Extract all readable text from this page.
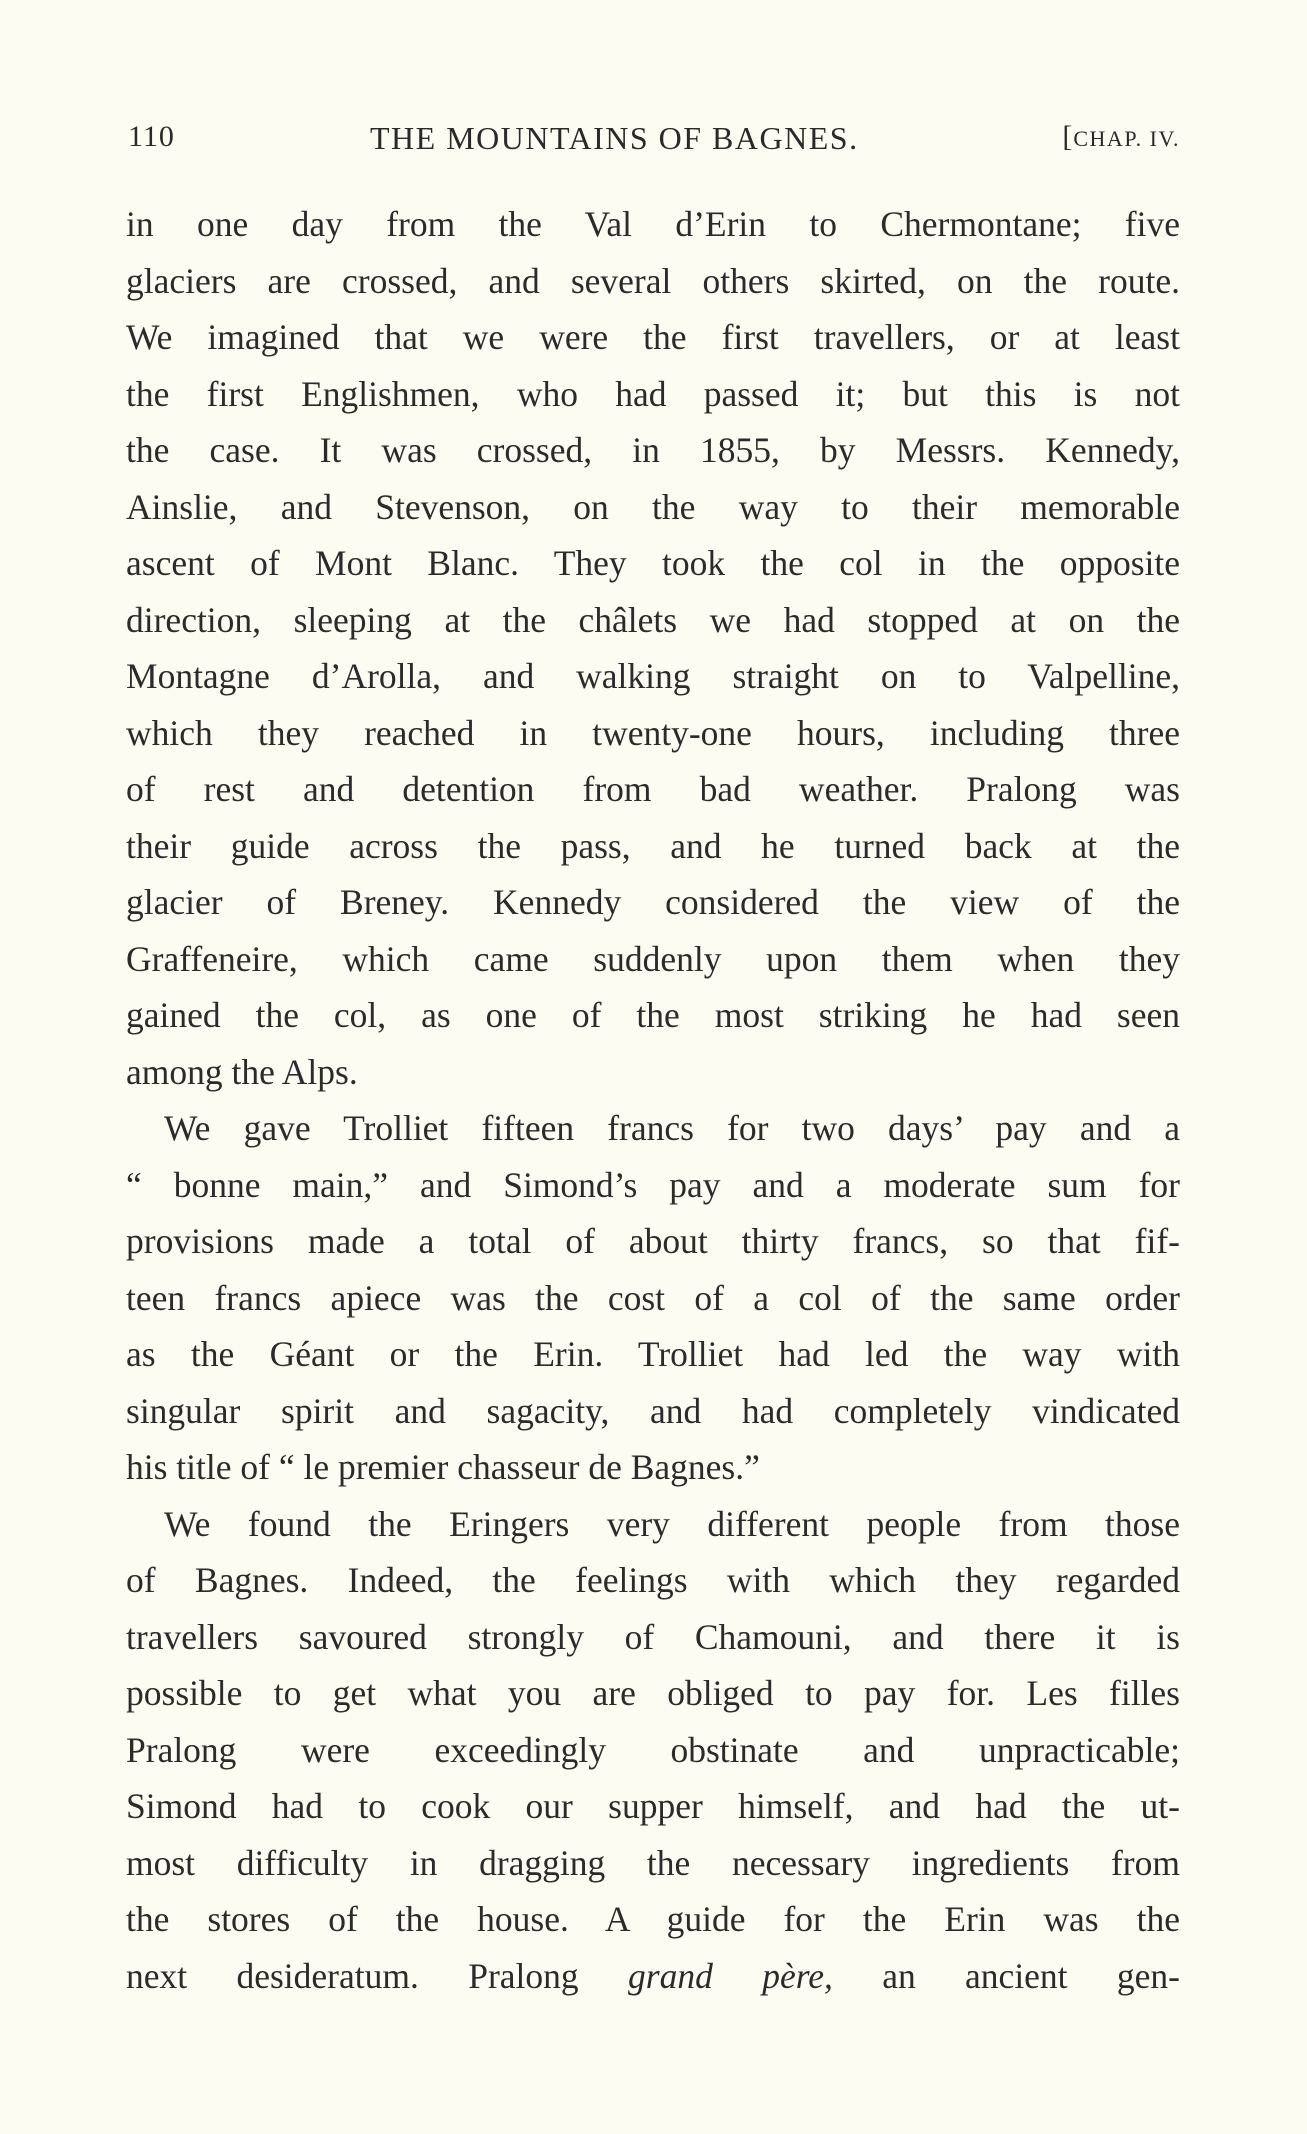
110	THE MOUNTAINS OF BAGNES.	[CHAP. IV.
in one day from the Val d’Erin to Chermontane; five
glaciers are crossed, and several others skirted, on the route.
We imagined that we were the first travellers, or at least
the first Englishmen, who had passed it; but this is not
the case. It was crossed, in 1855, by Messrs. Kennedy,
Ainslie, and Stevenson, on the way to their memorable
ascent of Mont Blanc. They took the col in the opposite
direction, sleeping at the châlets we had stopped at on the
Montagne d’Arolla, and walking straight on to Valpelline,
which they reached in twenty-one hours, including three
of rest and detention from bad weather. Pralong was
their guide across the pass, and he turned back at the
glacier of Breney. Kennedy considered the view of the
Graffeneire, which came suddenly upon them when they
gained the col, as one of the most striking he had seen
among the Alps.
We gave Trolliet fifteen francs for two days’ pay and a
“ bonne main,” and Simond’s pay and a moderate sum for
provisions made a total of about thirty francs, so that fif-
teen francs apiece was the cost of a col of the same order
as the Géant or the Erin. Trolliet had led the way with
singular spirit and sagacity, and had completely vindicated
his title of “ le premier chasseur de Bagnes.”
We found the Eringers very different people from those
of Bagnes. Indeed, the feelings with which they regarded
travellers savoured strongly of Chamouni, and there it is
possible to get what you are obliged to pay for. Les filles
Pralong were exceedingly obstinate and unpracticable;
Simond had to cook our supper himself, and had the ut-
most difficulty in dragging the necessary ingredients from
the stores of the house. A guide for the Erin was the
next desideratum. Pralong grand père, an ancient gen-
